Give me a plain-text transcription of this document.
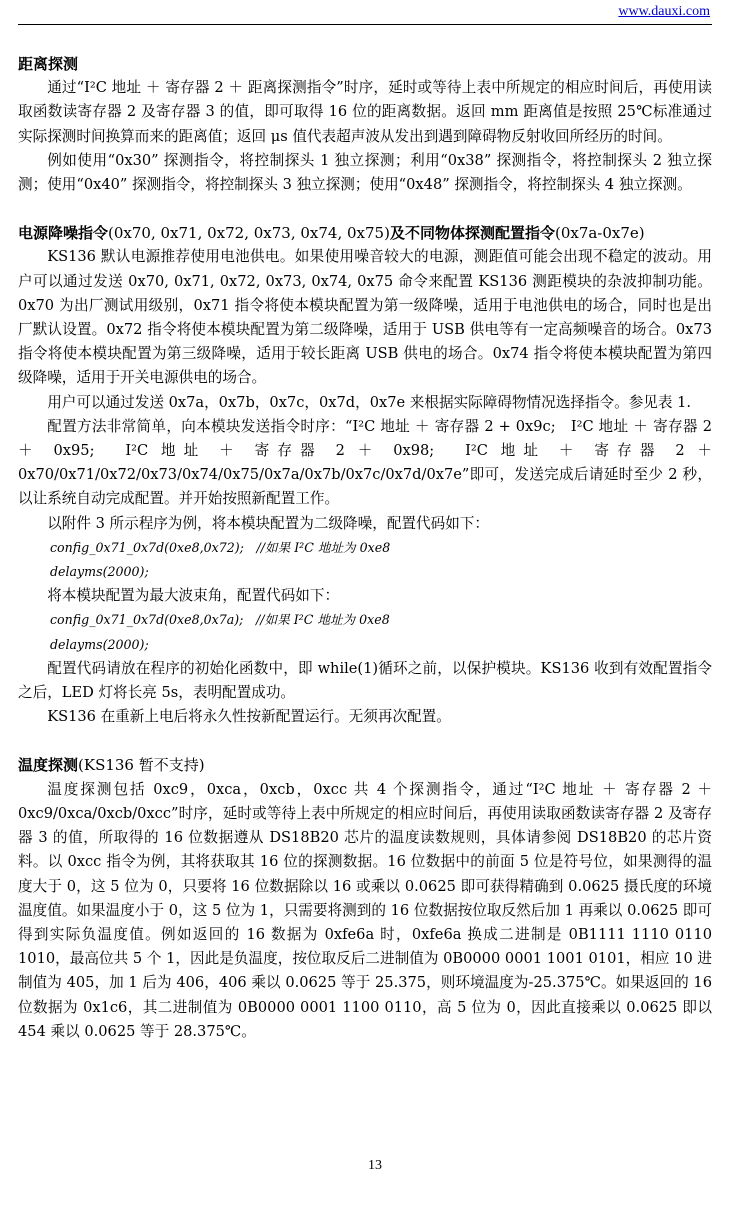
www.dauxi.com

距离探测

通过“I²C 地址 ＋ 寄存器 2 ＋ 距离探测指令”时序，延时或等待上表中所规定的相应时间后，再使用读取函数读寄存器 2 及寄存器 3 的值，即可取得 16 位的距离数据。返回 mm 距离值是按照 25℃标准通过实际探测时间换算而来的距离值；返回 μs 值代表超声波从发出到遇到障碍物反射收回所经历的时间。

例如使用“0x30” 探测指令，将控制探头 1 独立探测；利用“0x38” 探测指令，将控制探头 2 独立探测；使用“0x40” 探测指令，将控制探头 3 独立探测；使用“0x48” 探测指令，将控制探头 4 独立探测。

电源降噪指令(0x70, 0x71, 0x72, 0x73, 0x74, 0x75)及不同物体探测配置指令(0x7a-0x7e)

KS136 默认电源推荐使用电池供电。如果使用噪音较大的电源，测距值可能会出现不稳定的波动。用户可以通过发送 0x70, 0x71, 0x72, 0x73, 0x74, 0x75 命令来配置 KS136 测距模块的杂波抑制功能。0x70 为出厂测试用级别，0x71 指令将使本模块配置为第一级降噪，适用于电池供电的场合，同时也是出厂默认设置。0x72 指令将使本模块配置为第二级降噪，适用于 USB 供电等有一定高频噪音的场合。0x73 指令将使本模块配置为第三级降噪，适用于较长距离 USB 供电的场合。0x74 指令将使本模块配置为第四级降噪，适用于开关电源供电的场合。

用户可以通过发送 0x7a，0x7b，0x7c，0x7d，0x7e 来根据实际障碍物情况选择指令。参见表 1.

配置方法非常简单，向本模块发送指令时序：“I²C 地址 ＋ 寄存器 2 + 0x9c;　I²C 地址 ＋ 寄存器 2 ＋ 0x95;　I²C 地址 ＋ 寄存器 2 ＋ 0x98;　I²C 地址 ＋ 寄存器 2 ＋ 0x70/0x71/0x72/0x73/0x74/0x75/0x7a/0x7b/0x7c/0x7d/0x7e”即可，发送完成后请延时至少 2 秒，以让系统自动完成配置。并开始按照新配置工作。

以附件 3 所示程序为例，将本模块配置为二级降噪，配置代码如下：

config_0x71_0x7d(0xe8,0x72);　//如果 I²C 地址为 0xe8

delayms(2000);

将本模块配置为最大波束角，配置代码如下：

config_0x71_0x7d(0xe8,0x7a);　//如果 I²C 地址为 0xe8

delayms(2000);

配置代码请放在程序的初始化函数中，即 while(1)循环之前，以保护模块。KS136 收到有效配置指令之后，LED 灯将长亮 5s，表明配置成功。

KS136 在重新上电后将永久性按新配置运行。无须再次配置。

温度探测(KS136 暂不支持)

温度探测包括 0xc9，0xca，0xcb，0xcc 共 4 个探测指令，通过“I²C 地址 ＋ 寄存器 2 ＋ 0xc9/0xca/0xcb/0xcc”时序，延时或等待上表中所规定的相应时间后，再使用读取函数读寄存器 2 及寄存器 3 的值，所取得的 16 位数据遵从 DS18B20 芯片的温度读数规则，具体请参阅 DS18B20 的芯片资料。以 0xcc 指令为例，其将获取其 16 位的探测数据。16 位数据中的前面 5 位是符号位，如果测得的温度大于 0，这 5 位为 0，只要将 16 位数据除以 16 或乘以 0.0625 即可获得精确到 0.0625 摄氏度的环境温度值。如果温度小于 0，这 5 位为 1，只需要将测到的 16 位数据按位取反然后加 1 再乘以 0.0625 即可得到实际负温度值。例如返回的 16 数据为 0xfe6a 时，0xfe6a 换成二进制是 0B1111 1110 0110 1010，最高位共 5 个 1，因此是负温度，按位取反后二进制值为 0B0000 0001 1001 0101，相应 10 进制值为 405，加 1 后为 406，406 乘以 0.0625 等于 25.375，则环境温度为-25.375℃。如果返回的 16 位数据为 0x1c6，其二进制值为 0B0000 0001 1100 0110，高 5 位为 0，因此直接乘以 0.0625 即以 454 乘以 0.0625 等于 28.375℃。

13
